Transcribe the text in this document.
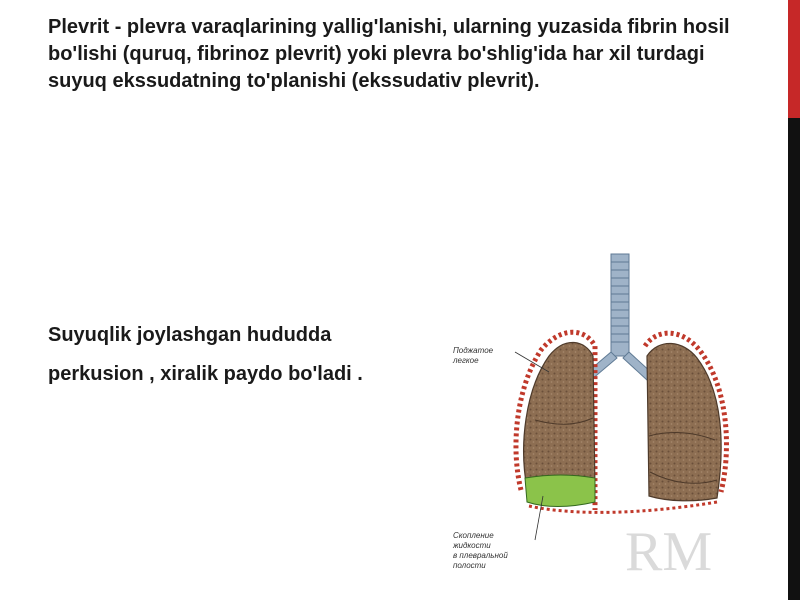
Plevrit - plevra varaqlarining yallig'lanishi, ularning yuzasida fibrin hosil bo'lishi (quruq, fibrinoz plevrit) yoki plevra bo'shlig'ida har xil turdagi suyuq ekssudatning to'planishi (ekssudativ plevrit).

Suyuqlik joylashgan hududda

perkusion , xiralik paydo bo'ladi .

RM
Поджатое
легкое
Скопление
жидкости
в плевральной
полости
